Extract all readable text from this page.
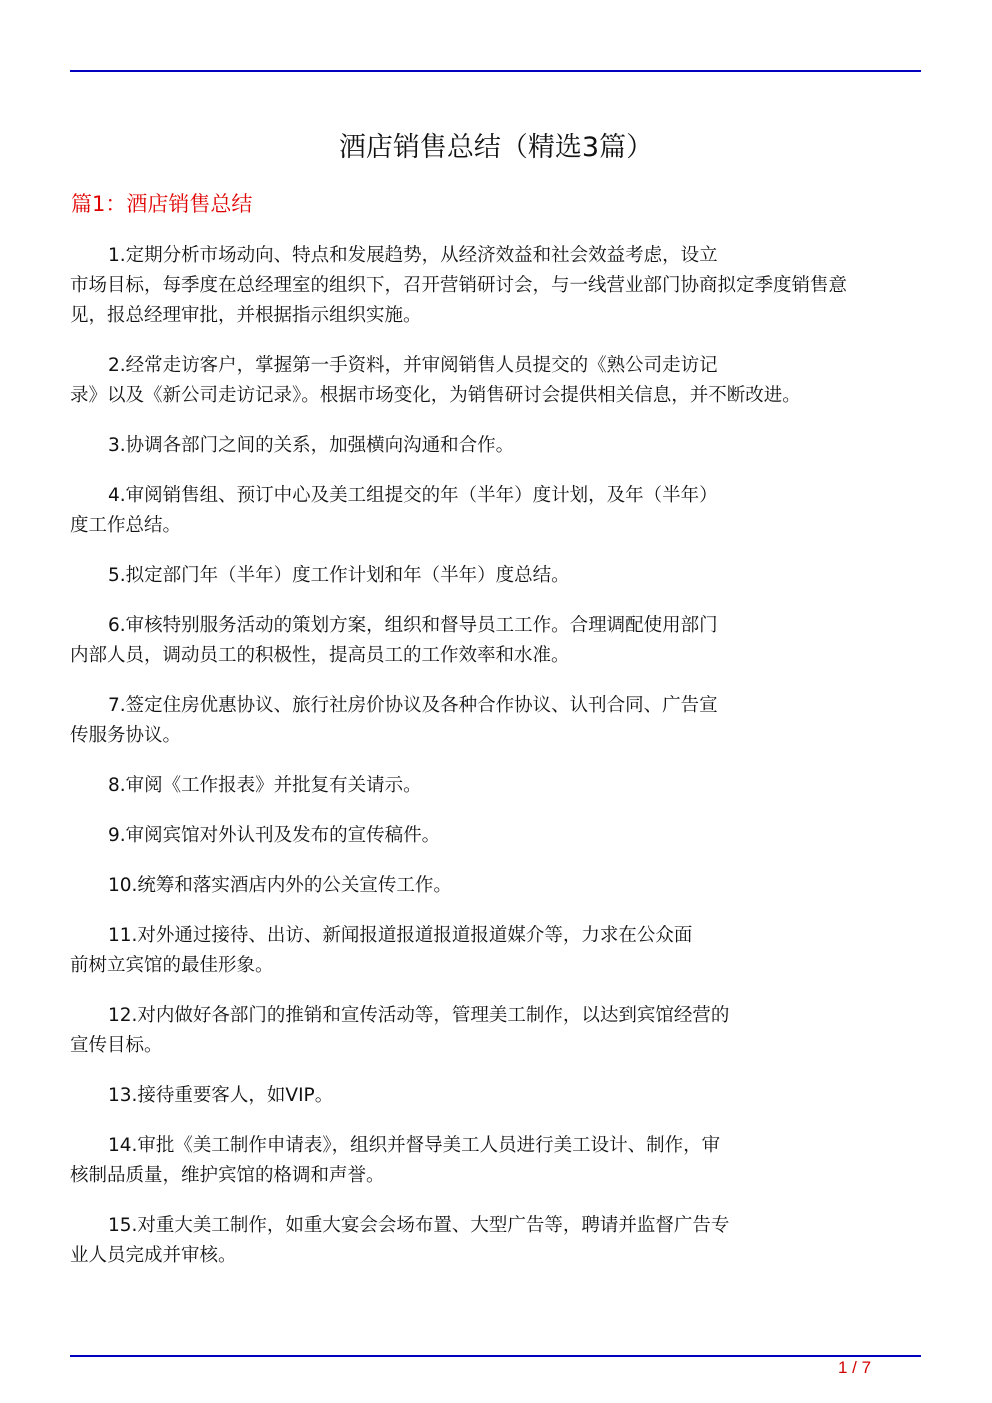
酒店销售总结（精选3篇）
篇1：酒店销售总结
1.定期分析市场动向、特点和发展趋势，从经济效益和社会效益考虑，设立
市场目标，每季度在总经理室的组织下，召开营销研讨会，与一线营业部门协商拟定季度销售意
见，报总经理审批，并根据指示组织实施。
2.经常走访客户，掌握第一手资料，并审阅销售人员提交的《熟公司走访记
录》以及《新公司走访记录》。根据市场变化，为销售研讨会提供相关信息，并不断改进。
3.协调各部门之间的关系，加强横向沟通和合作。
4.审阅销售组、预订中心及美工组提交的年（半年）度计划，及年（半年）
度工作总结。
5.拟定部门年（半年）度工作计划和年（半年）度总结。
6.审核特别服务活动的策划方案，组织和督导员工工作。合理调配使用部门
内部人员，调动员工的积极性，提高员工的工作效率和水准。
7.签定住房优惠协议、旅行社房价协议及各种合作协议、认刊合同、广告宣
传服务协议。
8.审阅《工作报表》并批复有关请示。
9.审阅宾馆对外认刊及发布的宣传稿件。
10.统筹和落实酒店内外的公关宣传工作。
11.对外通过接待、出访、新闻报道报道报道报道媒介等，力求在公众面
前树立宾馆的最佳形象。
12.对内做好各部门的推销和宣传活动等，管理美工制作，以达到宾馆经营的
宣传目标。
13.接待重要客人，如VIP。
14.审批《美工制作申请表》，组织并督导美工人员进行美工设计、制作，审
核制品质量，维护宾馆的格调和声誉。
15.对重大美工制作，如重大宴会会场布置、大型广告等，聘请并监督广告专
业人员完成并审核。
1 / 7
